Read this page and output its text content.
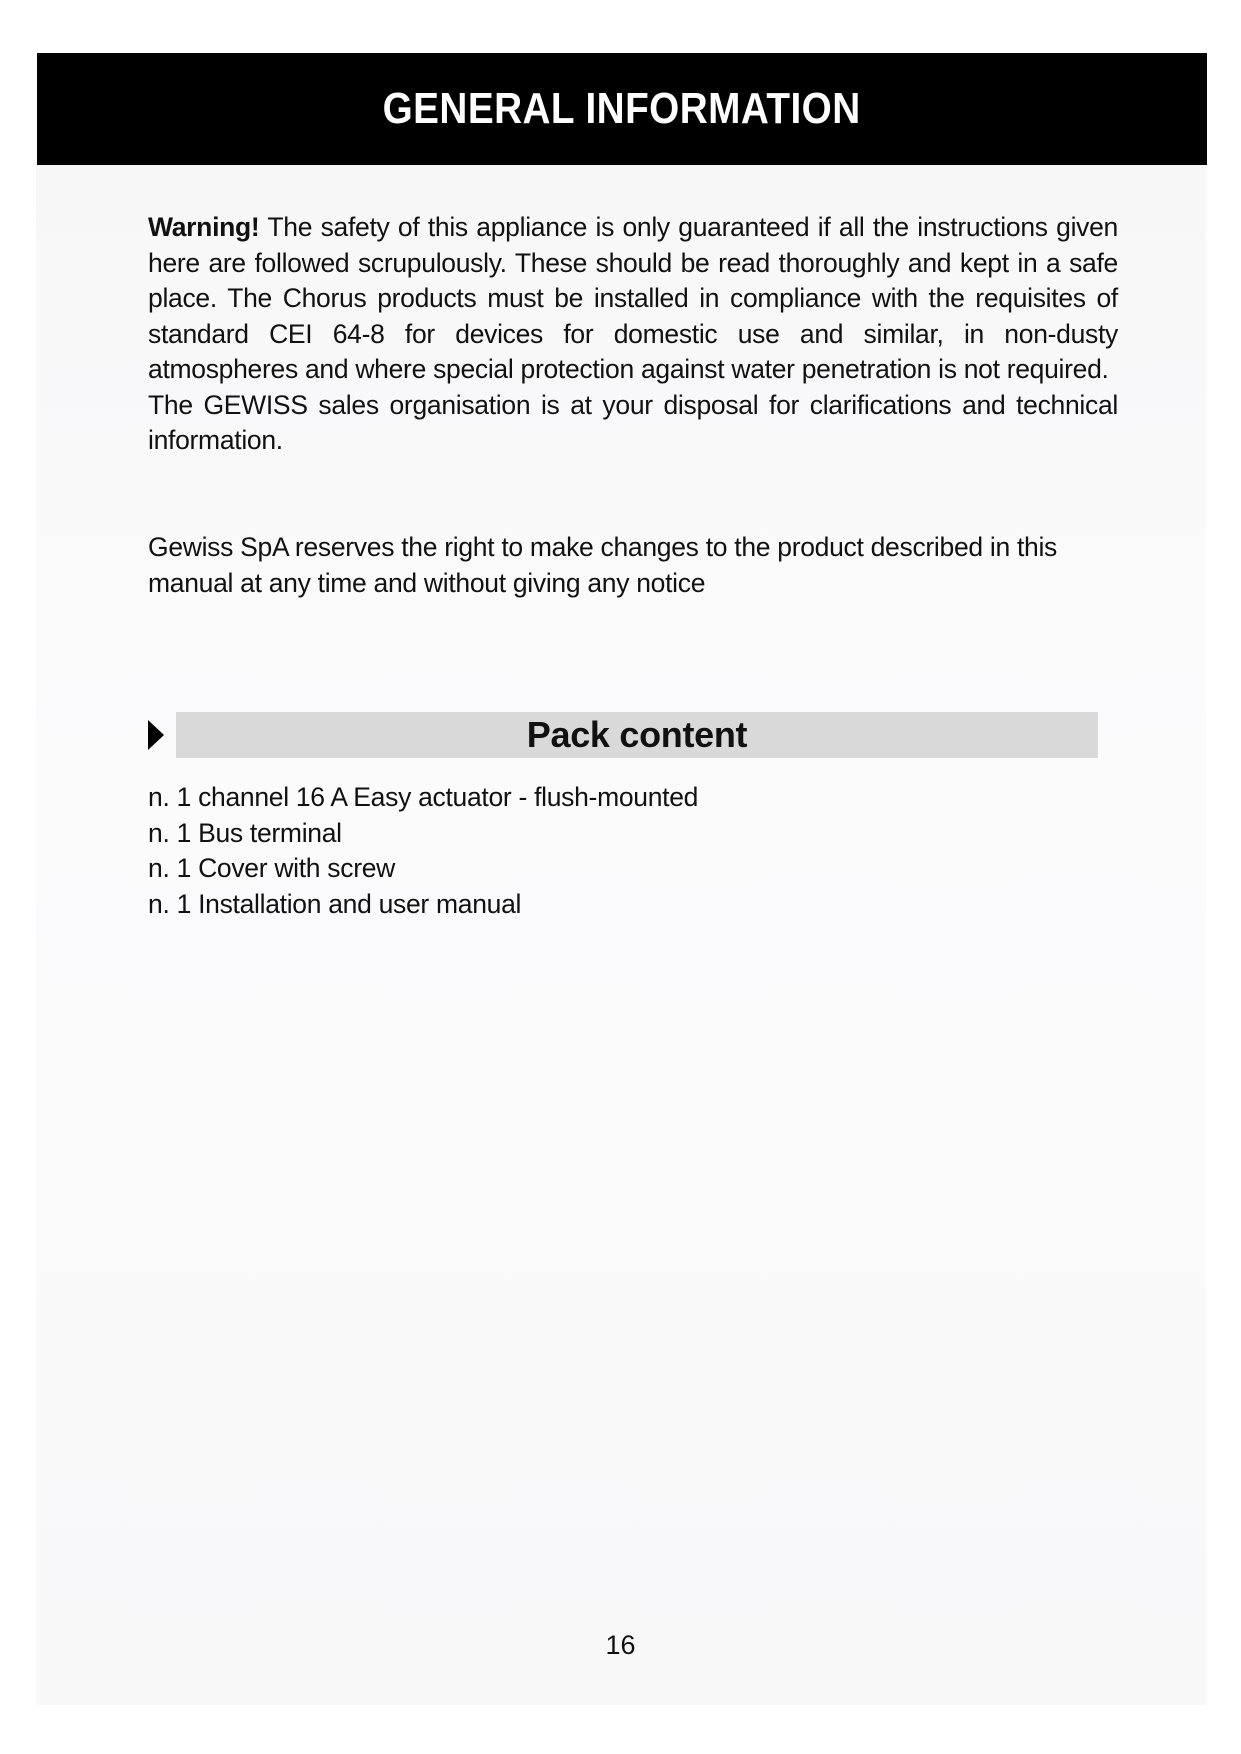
GENERAL INFORMATION

Warning! The safety of this appliance is only guaranteed if all the instructions given here are followed scrupulously. These should be read thoroughly and kept in a safe place. The Chorus products must be installed in compliance with the requisites of standard CEI 64-8 for devices for domestic use and similar, in non-dusty atmospheres and where special protection against water penetration is not required.

The GEWISS sales organisation is at your disposal for clarifications and technical information.

Gewiss SpA reserves the right to make changes to the product described in this manual at any time and without giving any notice

Pack content
n. 1 channel 16 A Easy actuator - flush-mounted
n. 1 Bus terminal
n. 1 Cover with screw
n. 1 Installation and user manual
16
